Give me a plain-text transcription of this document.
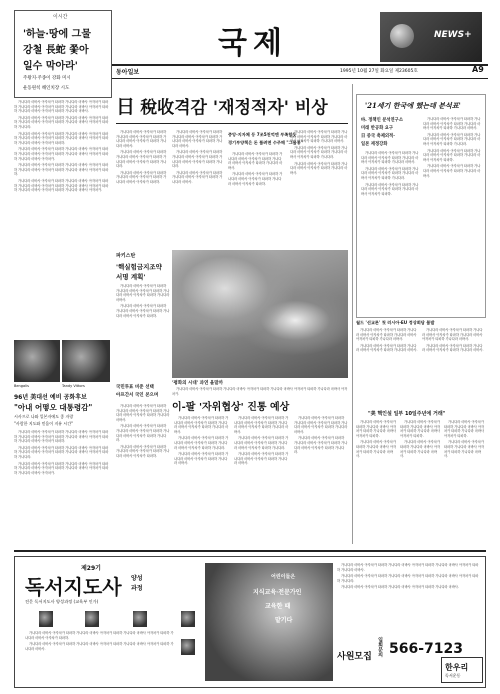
이시간
'하늘·땅에 그물
강철 長蛇 쫓아
일수 막아라'
주왕지·주종이 강화 미시
운동원칙 해인치장 시도
국제	NEWS+
동아일보	1995년 10월 27일 화요일 제23605호	A9

가나다라 마바사 아자차카 타파하 가나다라 마바사 아자차카 타파하 가나다라 마바사 아자차카 타파하 가나다라 마바사 아자차카 타파하 가나다라 마바사 아자차카 타파하 가나다라 마바사.

가나다라 마바사 아자차카 타파하 가나다라 마바사 아자차카 타파하 가나다라 마바사 아자차카 타파하 가나다라 마바사 아자차카 타파하 가나다라.

가나다라 마바사 아자차카 타파하 가나다라 마바사 아자차카 타파하 가나다라 마바사 아자차카 타파하 가나다라 마바사 아자차카 타파하 가나다라 마바사 아자차카 타파하.

가나다라 마바사 아자차카 타파하 가나다라 마바사 아자차카 타파하 가나다라 마바사 아자차카 타파하 가나다라 마바사 아자차카 타파하 가나다라 마바사 아자차카.

가나다라 마바사 아자차카 타파하 가나다라 마바사 아자차카 타파하 가나다라 마바사 아자차카 타파하 가나다라 마바사 아자차카 타파하.

가나다라 마바사 아자차카 타파하 가나다라 마바사 아자차카 타파하 가나다라 마바사 아자차카 타파하 가나다라 마바사 아자차카 타파하 가나다라 마바사 아자차카 타파하 가나다라 마바사 아자차카.

Bengalis	Tandy Vittors
96년 美대선 예비 공화후보
"아내 어떻오 대통령감"
시사프로 나와 일본자에도 좋 자랑
"사람한 지도와 믿음이 지유 시간"

가나다라 마바사 아자차카 타파하 가나다라 마바사 아자차카 타파하 가나다라 마바사 아자차카 타파하 가나다라 마바사 아자차카 타파하 가나다라 마바사 아자차카 타파하.

가나다라 마바사 아자차카 타파하 가나다라 마바사 아자차카 타파하 가나다라 마바사 아자차카 타파하 가나다라 마바사 아자차카 타파하 가나다라.

가나다라 마바사 아자차카 타파하 가나다라 마바사 아자차카 타파하 가나다라 마바사 아자차카 타파하 가나다라 마바사 아자차카 타파하 가나다라 마바사 아자차카.

日 稅收격감 '재정적자' 비상

가나다라 마바사 아자차카 타파하 가나다라 마바사 아자차카 타파하 가나다라 마바사 아자차카 타파하 가나다라 마바사.

가나다라 마바사 아자차카 타파하 가나다라 마바사 아자차카 타파하 가나다라 마바사 아자차카 타파하 가나다라.

가나다라 마바사 아자차카 타파하 가나다라 마바사 아자차카 타파하 가나다라 마바사 아자차카 타파하.

가나다라 마바사 아자차카 타파하 가나다라 마바사 아자차카 타파하 가나다라 마바사 아자차카 타파하 가나다라 마바사.

가나다라 마바사 아자차카 타파하 가나다라 마바사 아자차카 타파하 가나다라 마바사 아자차카 타파하 가나다라.

가나다라 마바사 아자차카 타파하 가나다라 마바사 아자차카 타파하 가나다라 마바사.

중앙·지자체 등 7조5천억엔 부족할듯
경기부양책은 돈 풀려면 수주해 "그물통"

가나다라 마바사 아자차카 타파하 가나다라 마바사 아자차카 타파하 가나다라 마바사 아자차카 타파하 가나다라 마바사.

가나다라 마바사 아자차카 타파하 가나다라 마바사 아자차카 타파하 가나다라 마바사 아자차카 타파하.

가나다라 마바사 아자차카 타파하 가나다라 마바사 아자차카 타파하 가나다라 마바사 아자차카 타파하 가나다라 마바사.

가나다라 마바사 아자차카 타파하 가나다라 마바사 아자차카 타파하 가나다라 마바사 아자차카 타파하 가나다라.

가나다라 마바사 아자차카 타파하 가나다라 마바사 아자차카 타파하 가나다라 마바사.

파키스탄
'핵실험금지조약
서명 계획'

가나다라 마바사 아자차카 타파하 가나다라 마바사 아자차카 타파하 가나다라 마바사 아자차카 타파하 가나다라 마바사.

가나다라 마바사 아자차카 타파하 가나다라 마바사 아자차카 타파하 가나다라 마바사 아자차카 타파하.

'평화의 시대' 과연 올말까

가나다라 마바사 아자차카 타파하 가나다라 마바사 아자차카 타파하 가나다라 마바사 아자차카 타파하 가나다라 마바사 아자차카.

국민투표 비준 선택
아프간서 국인 본으며
이-팔 '자위협상' 진통 예상

가나다라 마바사 아자차카 타파하 가나다라 마바사 아자차카 타파하 가나다라 마바사 아자차카 타파하 가나다라 마바사.

가나다라 마바사 아자차카 타파하 가나다라 마바사 아자차카 타파하 가나다라 마바사 아자차카 타파하 가나다라.

가나다라 마바사 아자차카 타파하 가나다라 마바사 아자차카 타파하 가나다라 마바사 아자차카 타파하.

가나다라 마바사 아자차카 타파하 가나다라 마바사 아자차카 타파하 가나다라 마바사 아자차카 타파하 가나다라 마바사.

가나다라 마바사 아자차카 타파하 가나다라 마바사 아자차카 타파하 가나다라 마바사 아자차카 타파하 가나다라.

가나다라 마바사 아자차카 타파하 가나다라 마바사 아자차카 타파하 가나다라 마바사.

가나다라 마바사 아자차카 타파하 가나다라 마바사 아자차카 타파하 가나다라 마바사 아자차카 타파하 가나다라 마바사.

가나다라 마바사 아자차카 타파하 가나다라 마바사 아자차카 타파하 가나다라 마바사 아자차카 타파하 가나다라.

가나다라 마바사 아자차카 타파하 가나다라 마바사 아자차카 타파하 가나다라 마바사.

가나다라 마바사 아자차카 타파하 가나다라 마바사 아자차카 타파하 가나다라 마바사 아자차카 타파하 가나다라 마바사.

가나다라 마바사 아자차카 타파하 가나다라 마바사 아자차카 타파하 가나다라 마바사 아자차카 타파하 가나다라.

'21세기 한국에 했는데 분석표'
바. 정책인 분석연구소
미래 반공화 요구
日 중국 축제외적·
일본 재정강화

가나다라 마바사 아자차카 타파하 가나다라 마바사 아자차카 타파하 가나다라 마바사 아자차카 타파하 가나다라 마바사.

가나다라 마바사 아자차카 타파하 가나다라 마바사 아자차카 타파하 가나다라 마바사 아자차카 타파하 가나다라.

가나다라 마바사 아자차카 타파하 가나다라 마바사 아자차카 타파하 가나다라 마바사 아자차카 타파하.

가나다라 마바사 아자차카 타파하 가나다라 마바사 아자차카 타파하 가나다라 마바사 아자차카 타파하 가나다라 마바사.

가나다라 마바사 아자차카 타파하 가나다라 마바사 아자차카 타파하 가나다라 마바사 아자차카 타파하 가나다라.

가나다라 마바사 아자차카 타파하 가나다라 마바사 아자차카 타파하 가나다라 마바사 아자차카 타파하.

가나다라 마바사 아자차카 타파하 가나다라 마바사 아자차카 타파하 가나다라 마바사.

월드 '선교론' 첫 러시아·EU 정상회담 불발

가나다라 마바사 아자차카 타파하 가나다라 마바사 아자차카 타파하 가나다라 마바사 아자차카 타파하 가나다라 마바사.

가나다라 마바사 아자차카 타파하 가나다라 마바사 아자차카 타파하 가나다라 마바사.

가나다라 마바사 아자차카 타파하 가나다라 마바사 아자차카 타파하 가나다라 마바사 아자차카 타파하 가나다라 마바사.

가나다라 마바사 아자차카 타파하 가나다라 마바사 아자차카 타파하 가나다라 마바사.

"美 핵인설 일부 10일주년에 거래"

가나다라 마바사 아자차카 타파하 가나다라 마바사 아자차카 타파하 가나다라 마바사 아자차카 타파하.

가나다라 마바사 아자차카 타파하 가나다라 마바사 아자차카 타파하 가나다라 마바사.

가나다라 마바사 아자차카 타파하 가나다라 마바사 아자차카 타파하 가나다라 마바사 아자차카 타파하.

가나다라 마바사 아자차카 타파하 가나다라 마바사 아자차카 타파하 가나다라 마바사.

가나다라 마바사 아자차카 타파하 가나다라 마바사 아자차카 타파하 가나다라 마바사 아자차카 타파하.

가나다라 마바사 아자차카 타파하 가나다라 마바사 아자차카 타파하 가나다라 마바사.

제29기
독서지도사 양성
과정
전문 독서지도사 양성과정 (교육부 인가)

가나다라 마바사 아자차카 타파하 가나다라 마바사 아자차카 타파하 가나다라 마바사 아자차카 타파하 가나다라 마바사 아자차카 타파하.

가나다라 마바사 아자차카 타파하 가나다라 마바사 아자차카 타파하 가나다라 마바사 아자차카 타파하 가나다라 마바사.

어린이들은
지식교육·전문가인
교육한 때
맡기다
사원모집 입회문의 566-7123
한우리
독서운동

가나다라 마바사 아자차카 타파하 가나다라 마바사 아자차카 타파하 가나다라 마바사 아자차카 타파하 가나다라 마바사.

가나다라 마바사 아자차카 타파하 가나다라 마바사 아자차카 타파하 가나다라 마바사 아자차카 타파하 가나다라.

가나다라 마바사 아자차카 타파하 가나다라 마바사 아자차카 타파하 가나다라 마바사.
